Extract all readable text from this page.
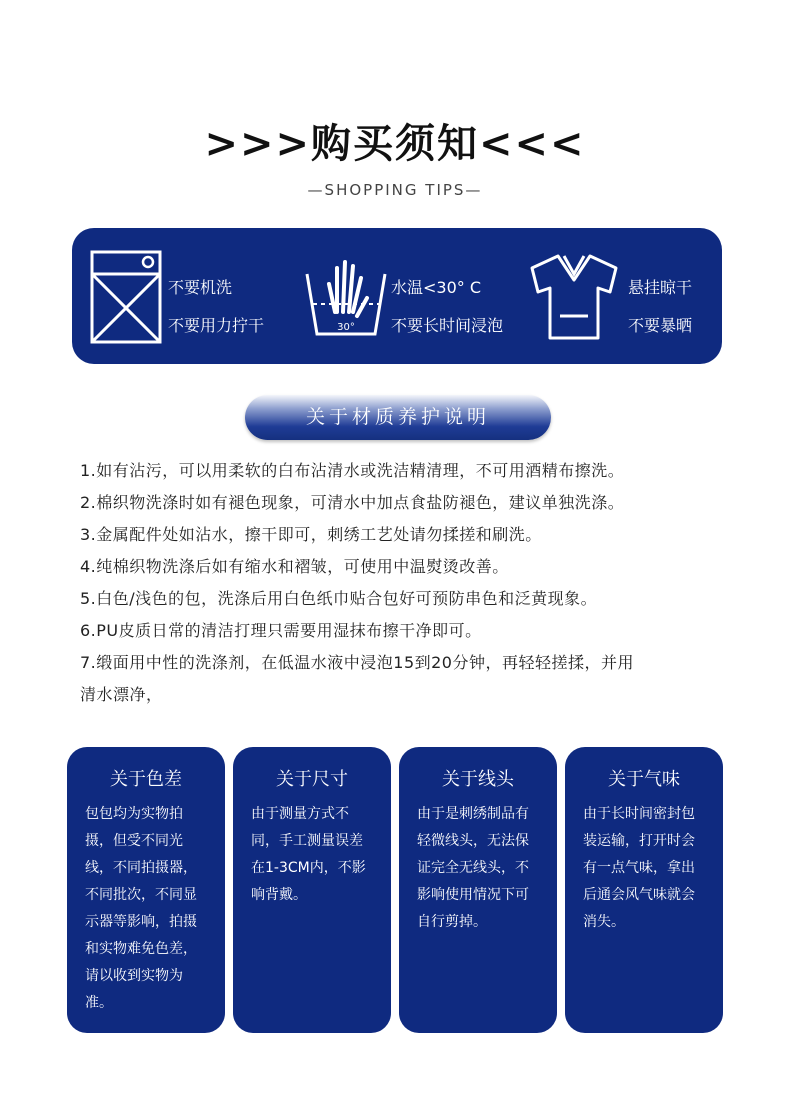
>>>购买须知<<<
—SHOPPING TIPS—
不要机洗
不要用力拧干	30°
水温<30° C
不要长时间浸泡
悬挂晾干
不要暴晒
关于材质养护说明
1.如有沾污，可以用柔软的白布沾清水或洗洁精清理，不可用酒精布擦洗。
2.棉织物洗涤时如有褪色现象，可清水中加点食盐防褪色，建议单独洗涤。
3.金属配件处如沾水，擦干即可，刺绣工艺处请勿揉搓和刷洗。
4.纯棉织物洗涤后如有缩水和褶皱，可使用中温熨烫改善。
5.白色/浅色的包，洗涤后用白色纸巾贴合包好可预防串色和泛黄现象。
6.PU皮质日常的清洁打理只需要用湿抹布擦干净即可。
7.缎面用中性的洗涤剂，在低温水液中浸泡15到20分钟，再轻轻搓揉，并用
清水漂净，
关于色差
包包均为实物拍摄，但受不同光线，不同拍摄器，不同批次，不同显示器等影响，拍摄和实物难免色差，请以收到实物为准。
关于尺寸
由于测量方式不同，手工测量误差在1-3CM内，不影响背戴。
关于线头
由于是刺绣制品有轻微线头，无法保证完全无线头，不影响使用情况下可自行剪掉。
关于气味
由于长时间密封包装运输，打开时会有一点气味，拿出后通会风气味就会消失。
